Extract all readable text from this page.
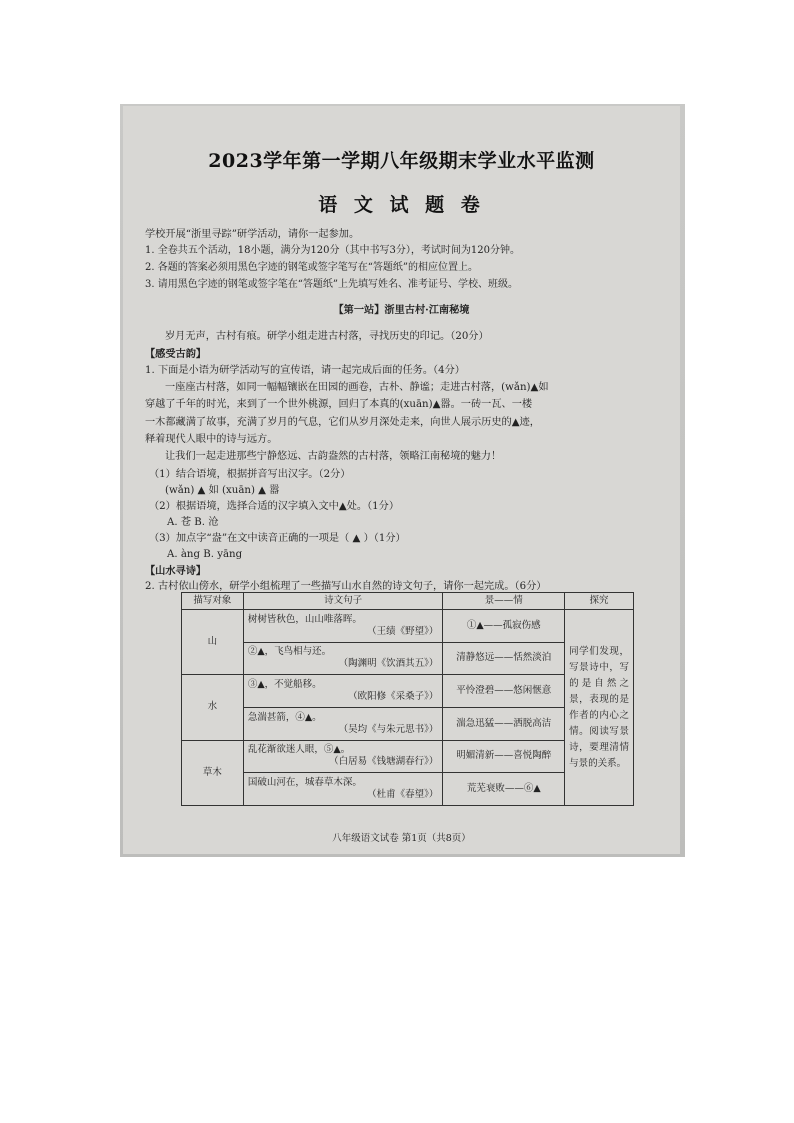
2023学年第一学期八年级期末学业水平监测
语 文 试 题 卷
学校开展“浙里寻踪”研学活动，请你一起参加。
1. 全卷共五个活动，18小题，满分为120分（其中书写3分），考试时间为120分钟。
2. 各题的答案必须用黑色字迹的钢笔或签字笔写在“答题纸”的相应位置上。
3. 请用黑色字迹的钢笔或签字笔在“答题纸”上先填写姓名、准考证号、学校、班级。
【第一站】浙里古村·江南秘境
岁月无声，古村有痕。研学小组走进古村落，寻找历史的印记。（20分）
【感受古韵】
1. 下面是小语为研学活动写的宣传语，请一起完成后面的任务。（4分）
一座座古村落，如同一幅幅镶嵌在田园的画卷，古朴、静谧；走进古村落，(wǎn)▲如
穿越了千年的时光，来到了一个世外桃源，回归了本真的(xuān)▲嚣。一砖一瓦、一楼
一木都藏满了故事，充满了岁月的气息，它们从岁月深处走来，向世人展示历史的▲迹，
释着现代人眼中的诗与远方。
让我们一起走进那些宁静悠远、古韵盎然的古村落，领略江南秘境的魅力！
（1）结合语境，根据拼音写出汉字。（2分）
(wǎn) ▲ 如 (xuān) ▲ 嚣
（2）根据语境，选择合适的汉字填入文中▲处。（1分）
A. 苍 B. 沧
（3）加点字“盎”在文中读音正确的一项是（ ▲ ）（1分）
A. àng B. yāng
【山水寻诗】
2. 古村依山傍水，研学小组梳理了一些描写山水自然的诗文句子，请你一起完成。（6分）
描写对象	诗文句子	景——情	探究
山	树树皆秋色，山山唯落晖。
（王绩《野望》）	①▲——孤寂伤感	同学们发现，写景诗中，写的是自然之景，表现的是作者的内心之情。阅读写景诗，要理清情与景的关系。

	②▲，飞鸟相与还。
（陶渊明《饮酒其五》）	清静悠远——恬然淡泊	
水	③▲，不觉船移。
（欧阳修《采桑子》）	平怜澄碧——悠闲惬意	

	急湍甚箭，④▲。
（吴均《与朱元思书》）	湍急迅猛——洒脱高洁	
草木	乱花渐欲迷人眼，⑤▲。
（白居易《钱塘湖春行》）	明媚清新——喜悦陶醉	

	国破山河在，城春草木深。
（杜甫《春望》）	荒芜衰败——⑥▲	
八年级语文试卷 第1页（共8页）
